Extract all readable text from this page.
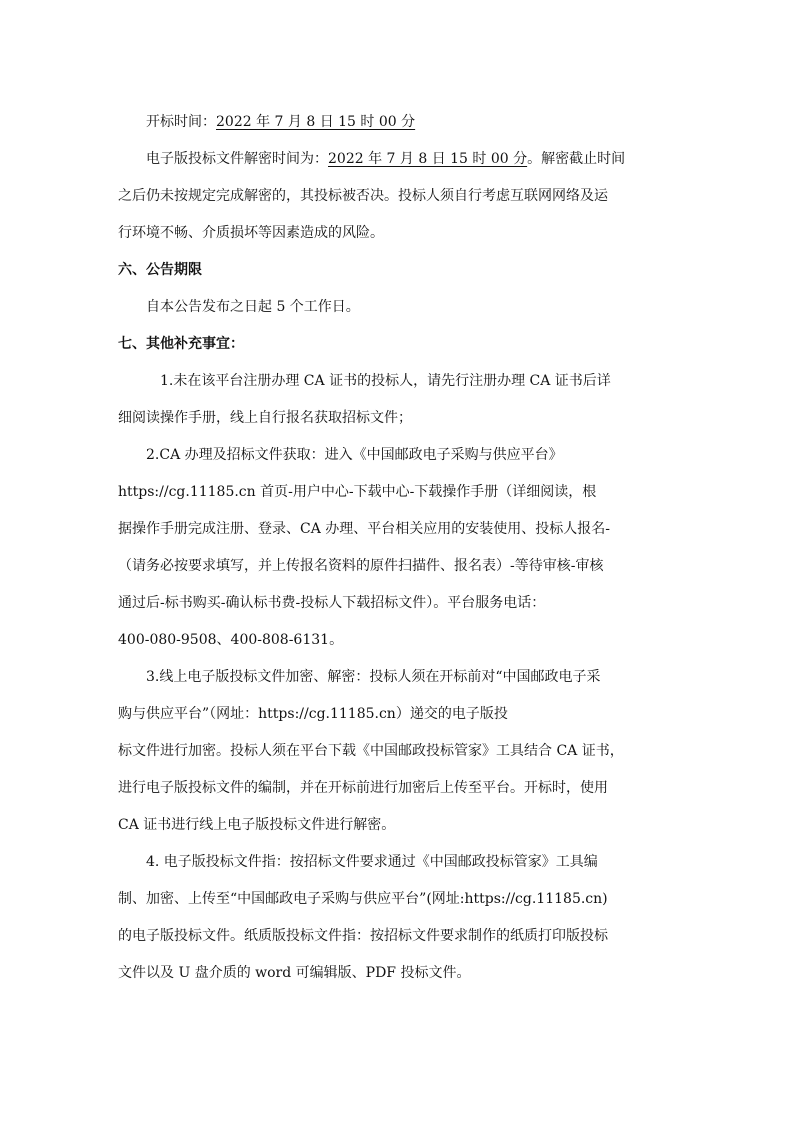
开标时间：2022 年 7 月 8 日 15 时 00 分
电子版投标文件解密时间为：2022 年 7 月 8 日 15 时 00 分。解密截止时间
之后仍未按规定完成解密的，其投标被否决。投标人须自行考虑互联网网络及运
行环境不畅、介质损坏等因素造成的风险。
六、公告期限
自本公告发布之日起 5 个工作日。
七、其他补充事宜：
1.未在该平台注册办理 CA 证书的投标人，请先行注册办理 CA 证书后详
细阅读操作手册，线上自行报名获取招标文件；
2.CA 办理及招标文件获取：进入《中国邮政电子采购与供应平台》
https://cg.11185.cn 首页-用户中心-下载中心-下载操作手册（详细阅读，根
据操作手册完成注册、登录、CA 办理、平台相关应用的安装使用、投标人报名-
（请务必按要求填写，并上传报名资料的原件扫描件、报名表）-等待审核-审核
通过后-标书购买-确认标书费-投标人下载招标文件）。平台服务电话：
400-080-9508、400-808-6131。
3.线上电子版投标文件加密、解密：投标人须在开标前对“中国邮政电子采
购与供应平台”（网址：https://cg.11185.cn）递交的电子版投
标文件进行加密。投标人须在平台下载《中国邮政投标管家》工具结合 CA 证书，
进行电子版投标文件的编制，并在开标前进行加密后上传至平台。开标时，使用
CA 证书进行线上电子版投标文件进行解密。
4. 电子版投标文件指：按招标文件要求通过《中国邮政投标管家》工具编
制、加密、上传至“中国邮政电子采购与供应平台”(网址:https://cg.11185.cn)
的电子版投标文件。纸质版投标文件指：按招标文件要求制作的纸质打印版投标
文件以及 U 盘介质的 word 可编辑版、PDF 投标文件。
